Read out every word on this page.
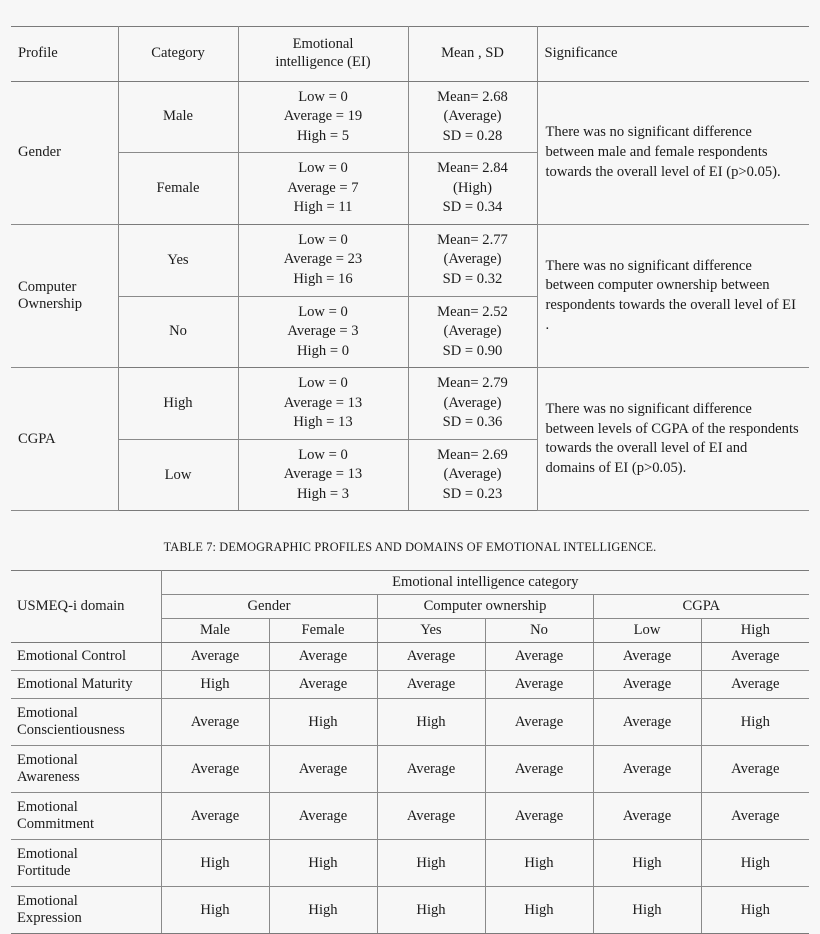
Profile	Category	Emotional
intelligence (EI)	Mean , SD	Significance
Gender	Male	Low = 0
Average = 19
High = 5	Mean= 2.68
(Average)
SD = 0.28	There was no significant difference between male and female respondents towards the overall level of EI (p>0.05).
	Female	Low = 0
Average = 7
High = 11	Mean= 2.84
(High)
SD = 0.34	
Computer
Ownership	Yes	Low = 0
Average = 23
High = 16	Mean= 2.77
(Average)
SD = 0.32	There was no significant difference between computer ownership between respondents towards the overall level of EI .
	No	Low = 0
Average = 3
High = 0	Mean= 2.52
(Average)
SD = 0.90	
CGPA	High	Low = 0
Average = 13
High = 13	Mean= 2.79
(Average)
SD = 0.36	There was no significant difference between levels of CGPA of the respondents towards the overall level of EI and domains of EI (p>0.05).
	Low	Low = 0
Average = 13
High = 3	Mean= 2.69
(Average)
SD = 0.23	
TABLE 7: DEMOGRAPHIC PROFILES AND DOMAINS OF EMOTIONAL INTELLIGENCE.
USMEQ-i domain	Emotional intelligence category					
	Gender		Computer ownership		CGPA	
	Male	Female	Yes	No	Low	High
Emotional Control	Average	Average	Average	Average	Average	Average
Emotional Maturity	High	Average	Average	Average	Average	Average
Emotional
Conscientiousness	Average	High	High	Average	Average	High
Emotional
Awareness	Average	Average	Average	Average	Average	Average
Emotional
Commitment	Average	Average	Average	Average	Average	Average
Emotional
Fortitude	High	High	High	High	High	High
Emotional
Expression	High	High	High	High	High	High
